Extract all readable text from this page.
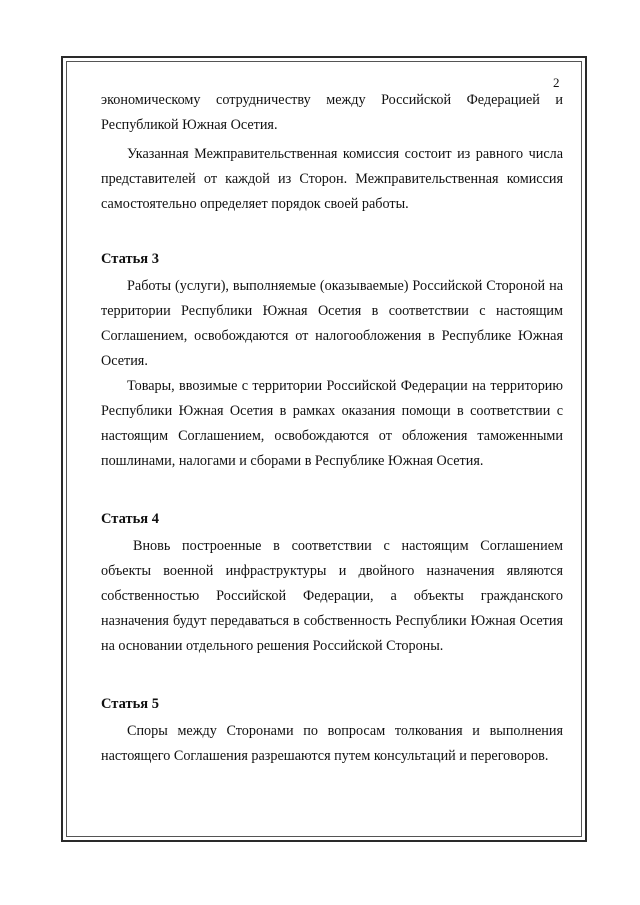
2

экономическому сотрудничеству между Российской Федерацией и Республикой Южная Осетия.

Указанная Межправительственная комиссия состоит из равного числа представителей от каждой из Сторон. Межправительственная комиссия самостоятельно определяет порядок своей работы.

Статья 3

Работы (услуги), выполняемые (оказываемые) Российской Стороной на территории Республики Южная Осетия в соответствии с настоящим Соглашением, освобождаются от налогообложения в Республике Южная Осетия.

Товары, ввозимые с территории Российской Федерации на территорию Республики Южная Осетия в рамках оказания помощи в соответствии с настоящим Соглашением, освобождаются от обложения таможенными пошлинами, налогами и сборами в Республике Южная Осетия.

Статья 4

Вновь построенные в соответствии с настоящим Соглашением объекты военной инфраструктуры и двойного назначения являются собственностью Российской Федерации, а объекты гражданского назначения будут передаваться в собственность Республики Южная Осетия на основании отдельного решения Российской Стороны.

Статья 5

Споры между Сторонами по вопросам толкования и выполнения настоящего Соглашения разрешаются путем консультаций и переговоров.
